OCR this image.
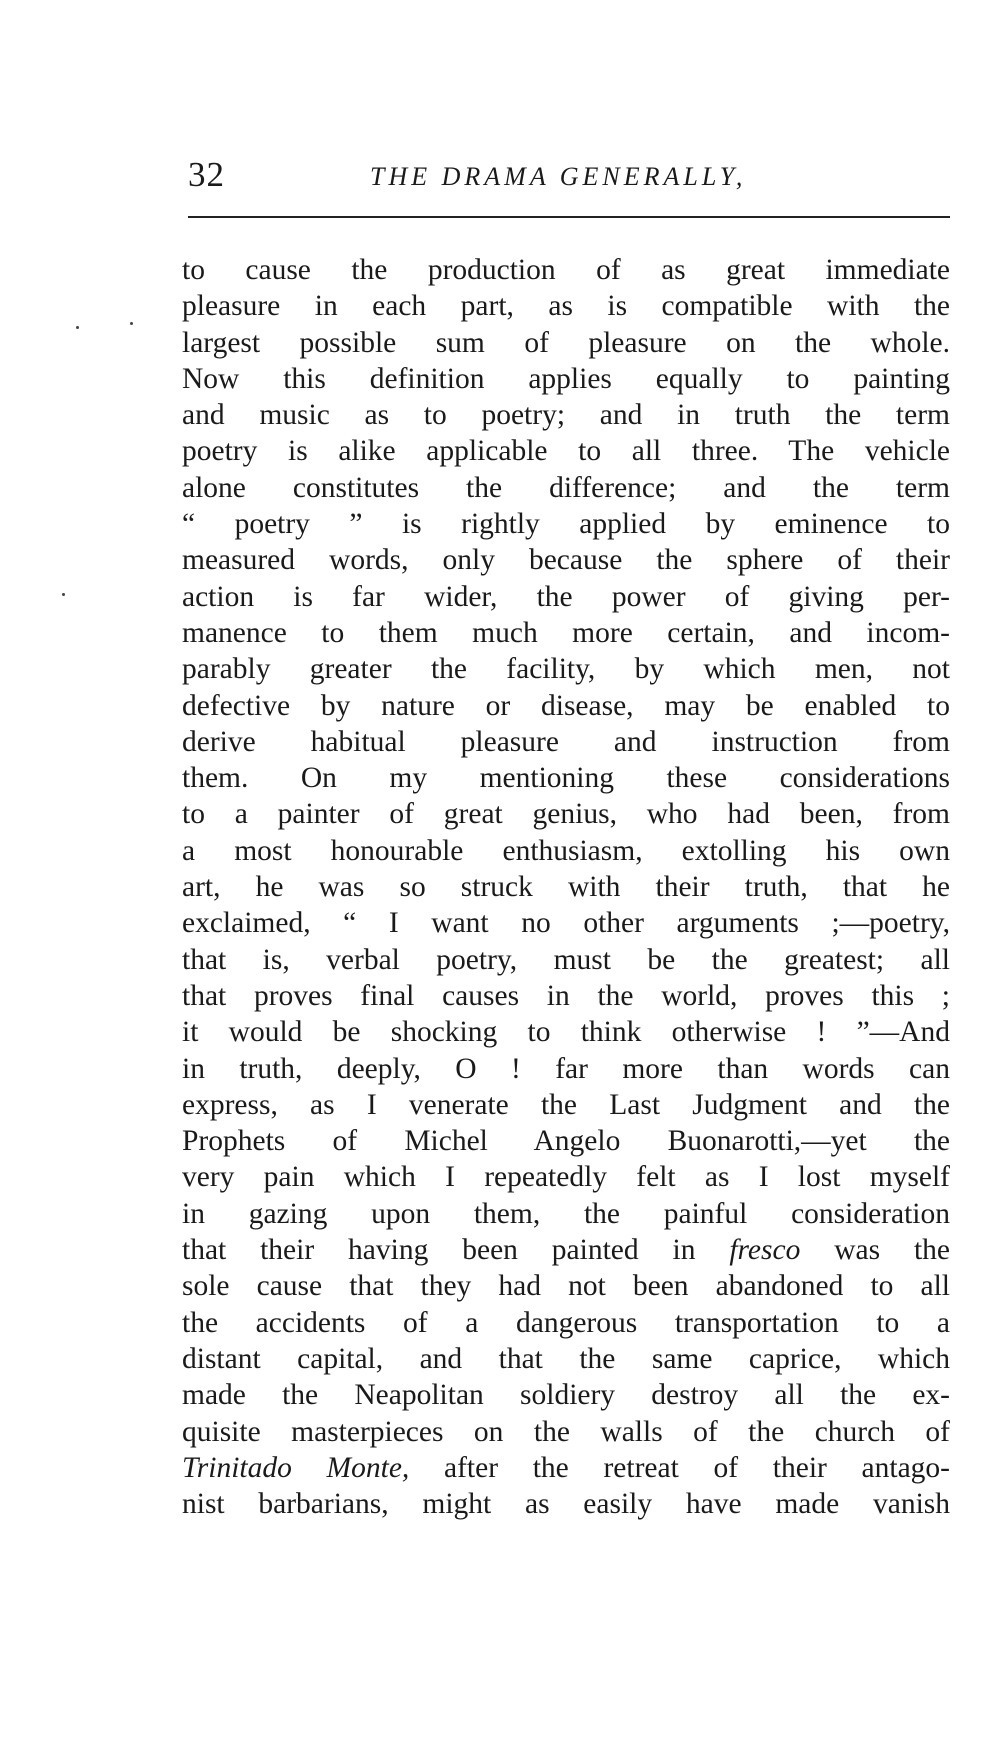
32	THE DRAMA GENERALLY,
to cause the production of as great immediate
pleasure in each part, as is compatible with the
largest possible sum of pleasure on the whole.
Now this definition applies equally to painting
and music as to poetry; and in truth the term
poetry is alike applicable to all three. The vehicle
alone constitutes the difference; and the term
“ poetry ” is rightly applied by eminence to
measured words, only because the sphere of their
action is far wider, the power of giving per-
manence to them much more certain, and incom-
parably greater the facility, by which men, not
defective by nature or disease, may be enabled to
derive habitual pleasure and instruction from
them. On my mentioning these considerations
to a painter of great genius, who had been, from
a most honourable enthusiasm, extolling his own
art, he was so struck with their truth, that he
exclaimed, “ I want no other arguments ;—poetry,
that is, verbal poetry, must be the greatest; all
that proves final causes in the world, proves this ;
it would be shocking to think otherwise ! ”—And
in truth, deeply, O ! far more than words can
express, as I venerate the Last Judgment and the
Prophets of Michel Angelo Buonarotti,—yet the
very pain which I repeatedly felt as I lost myself
in gazing upon them, the painful consideration
that their having been painted in fresco was the
sole cause that they had not been abandoned to all
the accidents of a dangerous transportation to a
distant capital, and that the same caprice, which
made the Neapolitan soldiery destroy all the ex-
quisite masterpieces on the walls of the church of
Trinitado Monte, after the retreat of their antago-
nist barbarians, might as easily have made vanish
